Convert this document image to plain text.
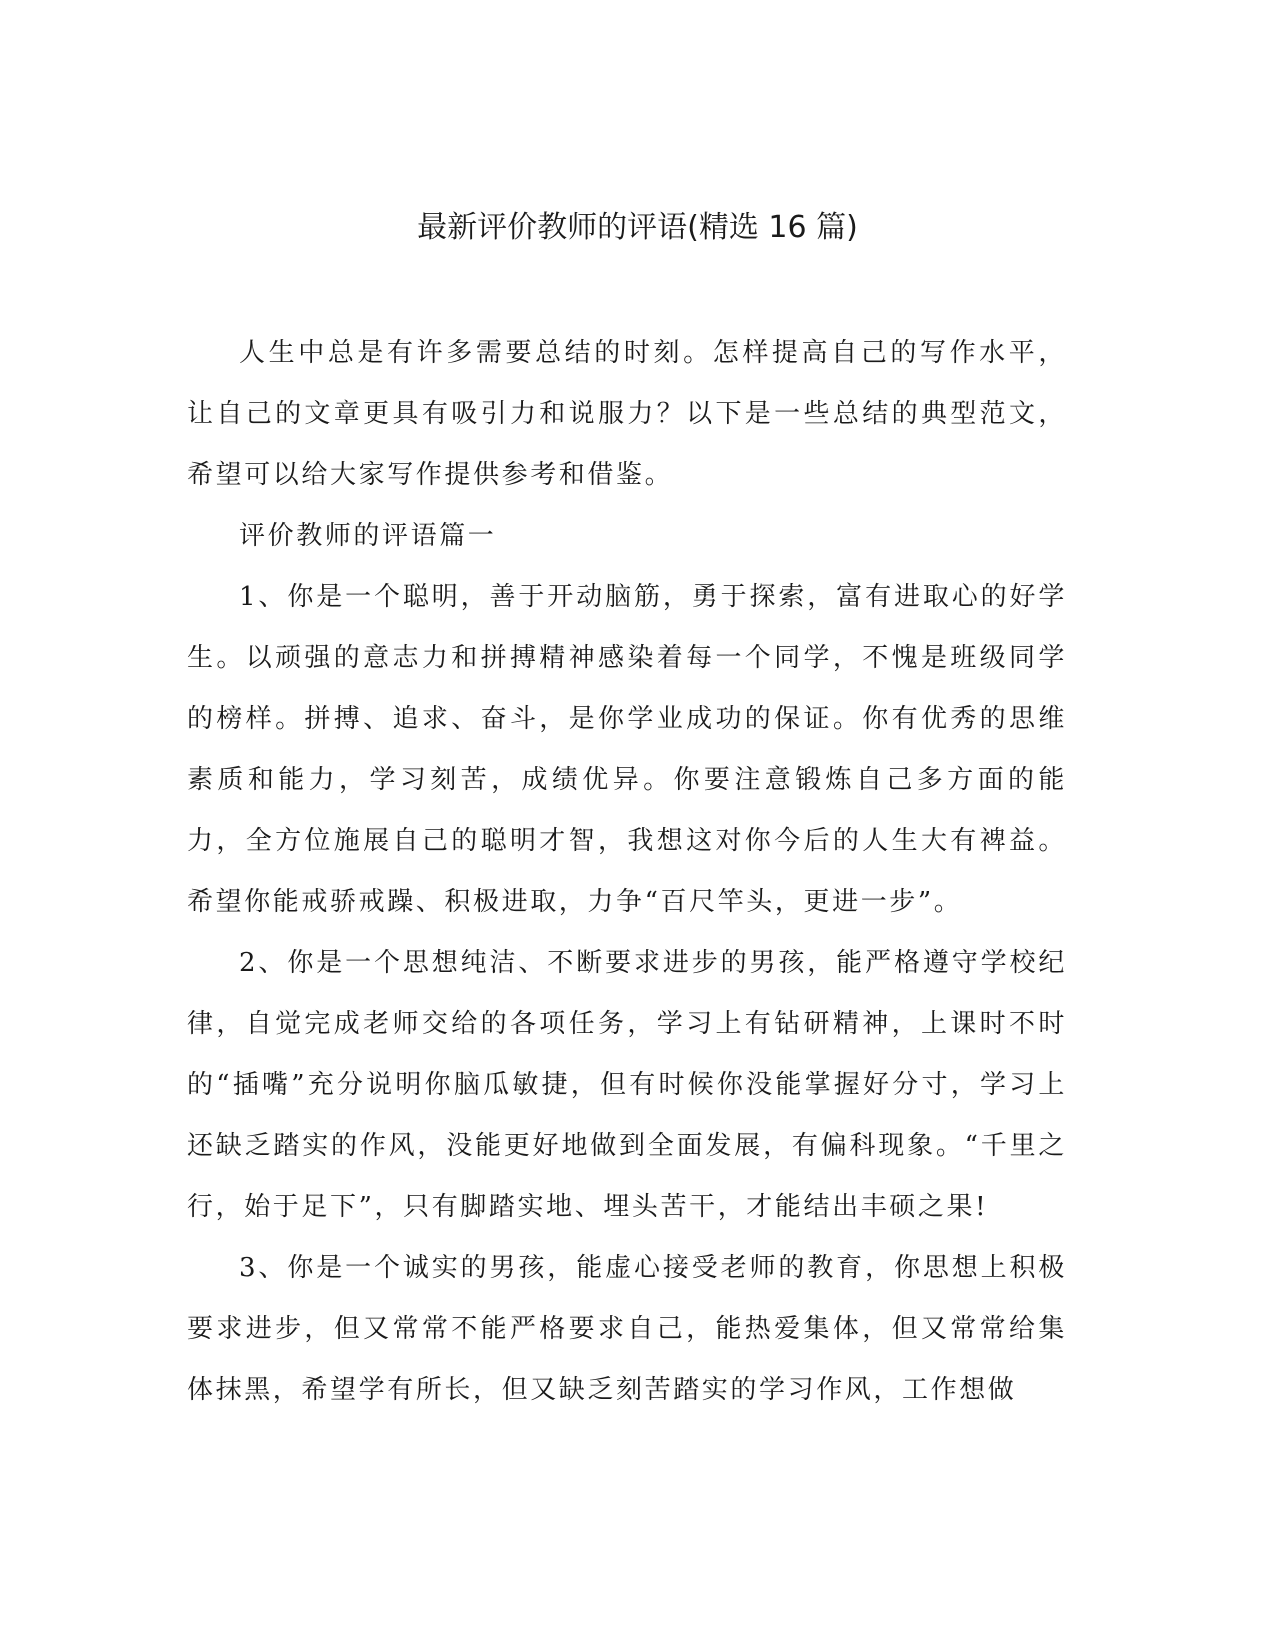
最新评价教师的评语(精选 16 篇)

人生中总是有许多需要总结的时刻。怎样提高自己的写作水平，让自己的文章更具有吸引力和说服力？以下是一些总结的典型范文，希望可以给大家写作提供参考和借鉴。

评价教师的评语篇一

1、你是一个聪明，善于开动脑筋，勇于探索，富有进取心的好学生。以顽强的意志力和拼搏精神感染着每一个同学，不愧是班级同学的榜样。拼搏、追求、奋斗，是你学业成功的保证。你有优秀的思维素质和能力，学习刻苦，成绩优异。你要注意锻炼自己多方面的能力，全方位施展自己的聪明才智，我想这对你今后的人生大有裨益。希望你能戒骄戒躁、积极进取，力争“百尺竿头，更进一步”。

2、你是一个思想纯洁、不断要求进步的男孩，能严格遵守学校纪律，自觉完成老师交给的各项任务，学习上有钻研精神，上课时不时的“插嘴”充分说明你脑瓜敏捷，但有时候你没能掌握好分寸，学习上还缺乏踏实的作风，没能更好地做到全面发展，有偏科现象。“千里之行，始于足下”，只有脚踏实地、埋头苦干，才能结出丰硕之果!

3、你是一个诚实的男孩，能虚心接受老师的教育，你思想上积极要求进步，但又常常不能严格要求自己，能热爱集体，但又常常给集体抹黑，希望学有所长，但又缺乏刻苦踏实的学习作风，工作想做
